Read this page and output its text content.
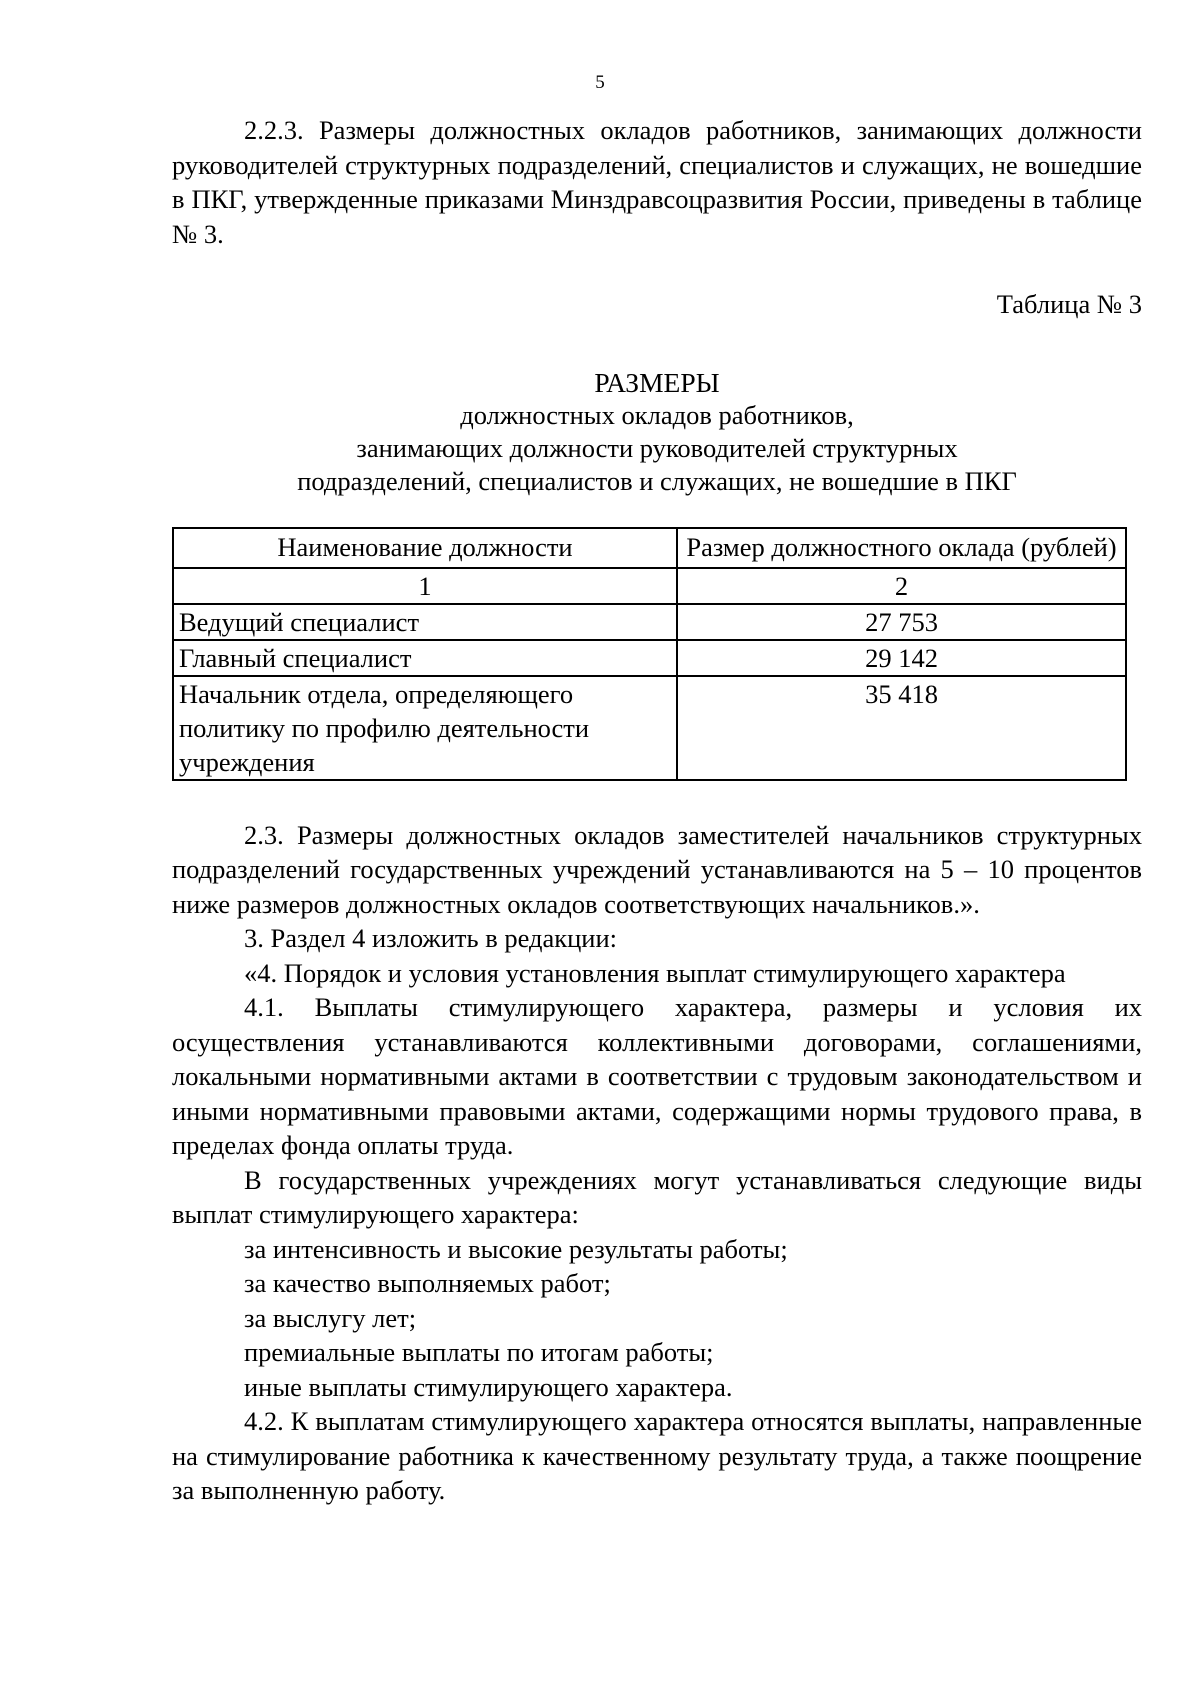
5

2.2.3. Размеры должностных окладов работников, занимающих должности руководителей структурных подразделений, специалистов и служащих, не вошедшие в ПКГ, утвержденные приказами Минздравсоцразвития России, приведены в таблице № 3.

Таблица № 3

РАЗМЕРЫ

должностных окладов работников,

занимающих должности руководителей структурных

подразделений, специалистов и служащих, не вошедшие в ПКГ

Наименование должности	Размер должностного оклада (рублей)
1	2
Ведущий специалист	27 753
Главный специалист	29 142
Начальник отдела, определяющего политику по профилю деятельности учреждения	35 418

2.3. Размеры должностных окладов заместителей начальников структурных подразделений государственных учреждений устанавливаются на 5 – 10 процентов ниже размеров должностных окладов соответствующих начальников.».

3. Раздел 4 изложить в редакции:

«4. Порядок и условия установления выплат стимулирующего характера

4.1. Выплаты стимулирующего характера, размеры и условия их осуществления устанавливаются коллективными договорами, соглашениями, локальными нормативными актами в соответствии с трудовым законодательством и иными нормативными правовыми актами, содержащими нормы трудового права, в пределах фонда оплаты труда.

В государственных учреждениях могут устанавливаться следующие виды выплат стимулирующего характера:

за интенсивность и высокие результаты работы;

за качество выполняемых работ;

за выслугу лет;

премиальные выплаты по итогам работы;

иные выплаты стимулирующего характера.

4.2. К выплатам стимулирующего характера относятся выплаты, направленные на стимулирование работника к качественному результату труда, а также поощрение за выполненную работу.
